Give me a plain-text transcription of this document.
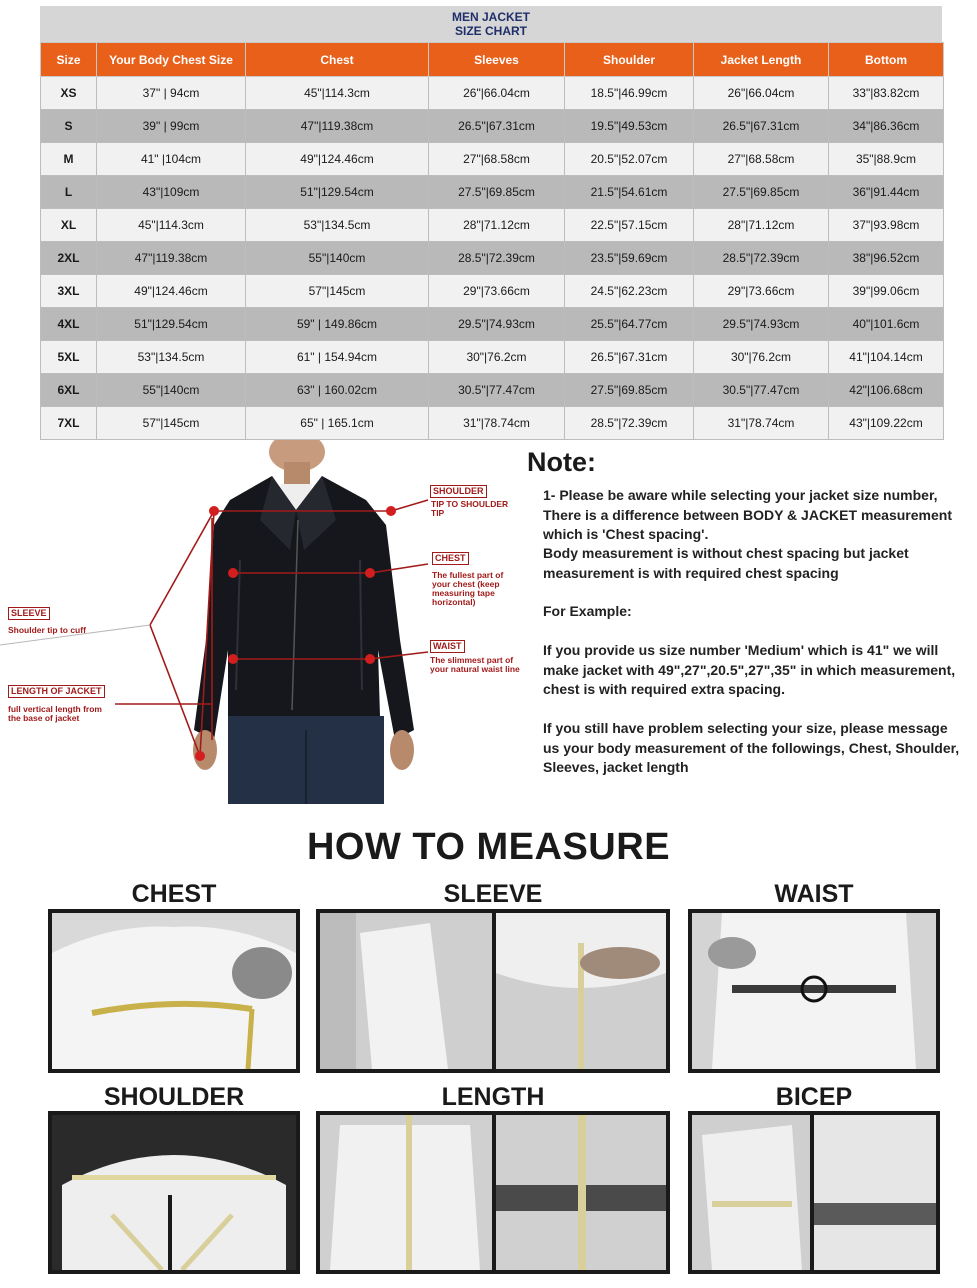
MEN JACKET
SIZE CHART
Size	Your Body Chest Size	Chest	Sleeves	Shoulder	Jacket Length	Bottom
XS	37" | 94cm	45"|114.3cm	26"|66.04cm	18.5"|46.99cm	26"|66.04cm	33"|83.82cm
S	39" | 99cm	47"|119.38cm	26.5"|67.31cm	19.5"|49.53cm	26.5"|67.31cm	34"|86.36cm
M	41" |104cm	49"|124.46cm	27"|68.58cm	20.5"|52.07cm	27"|68.58cm	35"|88.9cm
L	43"|109cm	51"|129.54cm	27.5"|69.85cm	21.5"|54.61cm	27.5"|69.85cm	36"|91.44cm
XL	45"|114.3cm	53"|134.5cm	28"|71.12cm	22.5"|57.15cm	28"|71.12cm	37"|93.98cm
2XL	47"|119.38cm	55"|140cm	28.5"|72.39cm	23.5"|59.69cm	28.5"|72.39cm	38"|96.52cm
3XL	49"|124.46cm	57"|145cm	29"|73.66cm	24.5"|62.23cm	29"|73.66cm	39"|99.06cm
4XL	51"|129.54cm	59" | 149.86cm	29.5"|74.93cm	25.5"|64.77cm	29.5"|74.93cm	40"|101.6cm
5XL	53"|134.5cm	61" | 154.94cm	30"|76.2cm	26.5"|67.31cm	30"|76.2cm	41"|104.14cm
6XL	55"|140cm	63" | 160.02cm	30.5"|77.47cm	27.5"|69.85cm	30.5"|77.47cm	42"|106.68cm
7XL	57"|145cm	65" | 165.1cm	31"|78.74cm	28.5"|72.39cm	31"|78.74cm	43"|109.22cm
SHOULDER
TIP TO SHOULDER TIP
CHEST
The fullest part of your chest (keep measuring tape horizontal)
WAIST
The slimmest part of your natural waist line
SLEEVE
Shoulder tip to cuff
LENGTH OF JACKET
full vertical length from the base of jacket
Note:

1- Please be aware while selecting your jacket size number, There is a difference between BODY & JACKET measurement which is 'Chest spacing'.

Body measurement is without chest spacing but jacket measurement is with required chest spacing

For Example:

If you provide us size number 'Medium' which is 41" we will make jacket with 49",27",20.5",27",35" in which measurement, chest is with required extra spacing.

If you still have problem selecting your size, please message us your body measurement of the followings, Chest, Shoulder, Sleeves, jacket length

HOW TO MEASURE
CHEST	SLEEVE	WAIST
SHOULDER	LENGTH	BICEP
